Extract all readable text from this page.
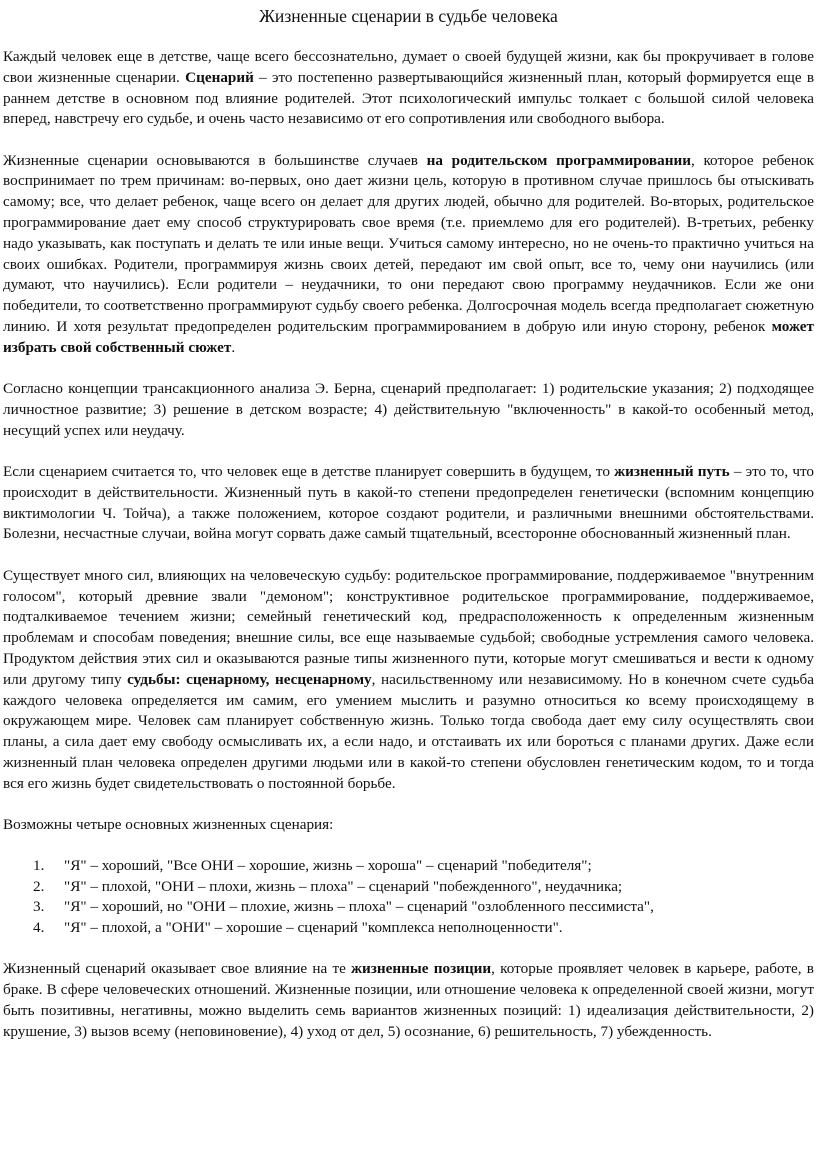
Жизненные сценарии в судьбе человека

Каждый человек еще в детстве, чаще всего бессознательно, думает о своей будущей жизни, как бы прокручивает в голове свои жизненные сценарии. Сценарий – это постепенно развертывающийся жизненный план, который формируется еще в раннем детстве в основном под влияние родителей. Этот психологический импульс толкает с большой силой человека вперед, навстречу его судьбе, и очень часто независимо от его сопротивления или свободного выбора.

Жизненные сценарии основываются в большинстве случаев на родительском программировании, которое ребенок воспринимает по трем причинам: во-первых, оно дает жизни цель, которую в противном случае пришлось бы отыскивать самому; все, что делает ребенок, чаще всего он делает для других людей, обычно для родителей. Во-вторых, родительское программирование дает ему способ структурировать свое время (т.е. приемлемо для его родителей). В-третьих, ребенку надо указывать, как поступать и делать те или иные вещи. Учиться самому интересно, но не очень-то практично учиться на своих ошибках. Родители, программируя жизнь своих детей, передают им свой опыт, все то, чему они научились (или думают, что научились). Если родители – неудачники, то они передают свою программу неудачников. Если же они победители, то соответственно программируют судьбу своего ребенка. Долгосрочная модель всегда предполагает сюжетную линию. И хотя результат предопределен родительским программированием в добрую или иную сторону, ребенок может избрать свой собственный сюжет.

Согласно концепции трансакционного анализа Э. Берна, сценарий предполагает: 1) родительские указания; 2) подходящее личностное развитие; 3) решение в детском возрасте; 4) действительную "включенность" в какой-то особенный метод, несущий успех или неудачу.

Если сценарием считается то, что человек еще в детстве планирует совершить в будущем, то жизненный путь – это то, что происходит в действительности. Жизненный путь в какой-то степени предопределен генетически (вспомним концепцию виктимологии Ч. Тойча), а также положением, которое создают родители, и различными внешними обстоятельствами. Болезни, несчастные случаи, война могут сорвать даже самый тщательный, всесторонне обоснованный жизненный план.

Существует много сил, влияющих на человеческую судьбу: родительское программирование, поддерживаемое "внутренним голосом", который древние звали "демоном"; конструктивное родительское программирование, поддерживаемое, подталкиваемое течением жизни; семейный генетический код, предрасположенность к определенным жизненным проблемам и способам поведения; внешние силы, все еще называемые судьбой; свободные устремления самого человека. Продуктом действия этих сил и оказываются разные типы жизненного пути, которые могут смешиваться и вести к одному или другому типу судьбы: сценарному, несценарному, насильственному или независимому. Но в конечном счете судьба каждого человека определяется им самим, его умением мыслить и разумно относиться ко всему происходящему в окружающем мире. Человек сам планирует собственную жизнь. Только тогда свобода дает ему силу осуществлять свои планы, а сила дает ему свободу осмысливать их, а если надо, и отстаивать их или бороться с планами других. Даже если жизненный план человека определен другими людьми или в какой-то степени обусловлен генетическим кодом, то и тогда вся его жизнь будет свидетельствовать о постоянной борьбе.

Возможны четыре основных жизненных сценария:

"Я" – хороший, "Все ОНИ – хорошие, жизнь – хороша" – сценарий "победителя";
"Я" – плохой, "ОНИ – плохи, жизнь – плоха" – сценарий "побежденного", неудачника;
"Я" – хороший, но "ОНИ – плохие, жизнь – плоха" – сценарий "озлобленного пессимиста",
"Я" – плохой, а "ОНИ" – хорошие – сценарий "комплекса неполноценности".

Жизненный сценарий оказывает свое влияние на те жизненные позиции, которые проявляет человек в карьере, работе, в браке. В сфере человеческих отношений. Жизненные позиции, или отношение человека к определенной своей жизни, могут быть позитивны, негативны, можно выделить семь вариантов жизненных позиций: 1) идеализация действительности, 2) крушение, 3) вызов всему (неповиновение), 4) уход от дел, 5) осознание, 6) решительность, 7) убежденность.
